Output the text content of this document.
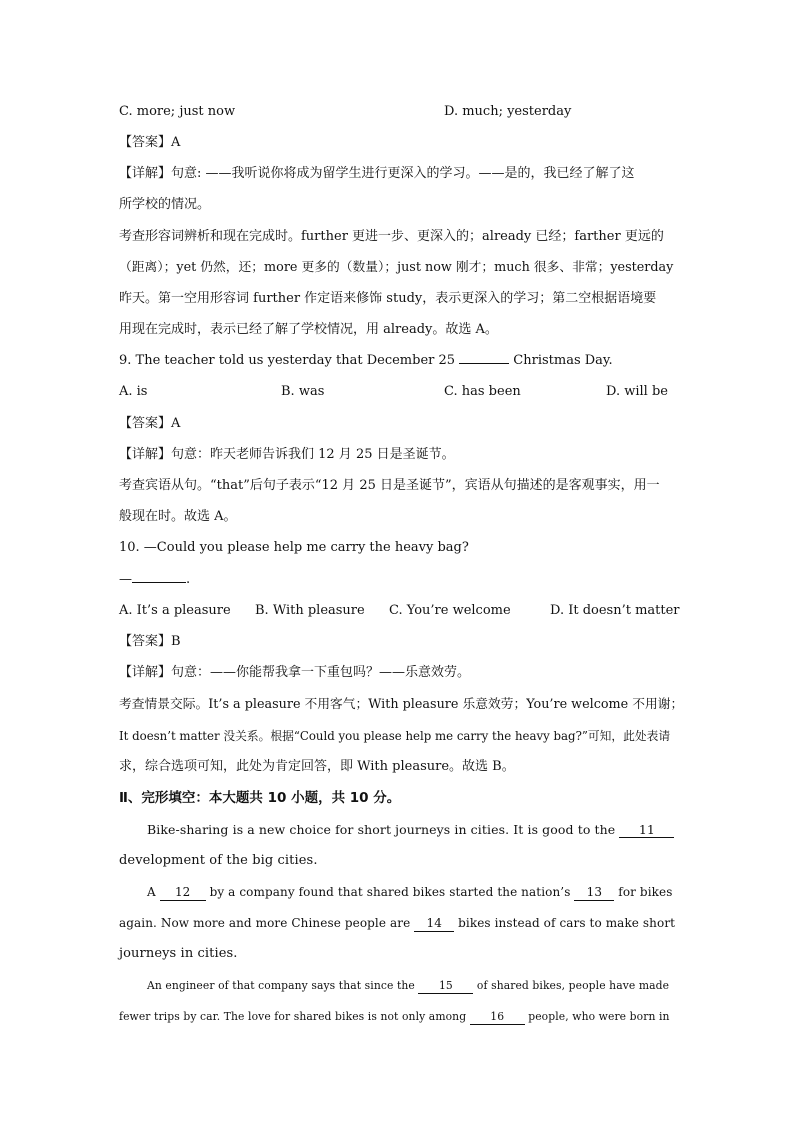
C. more; just now	D. much; yesterday
【答案】A
【详解】句意: ——我听说你将成为留学生进行更深入的学习。——是的，我已经了解了这
所学校的情况。
考查形容词辨析和现在完成时。further 更进一步、更深入的；already 已经；farther 更远的
（距离）；yet 仍然，还；more 更多的（数量）；just now 刚才；much 很多、非常；yesterday
昨天。第一空用形容词 further 作定语来修饰 study，表示更深入的学习；第二空根据语境要
用现在完成时，表示已经了解了学校情况，用 already。故选 A。
9. The teacher told us yesterday that December 25	Christmas Day.
A. is	B. was	C. has been	D. will be
【答案】A
【详解】句意：昨天老师告诉我们 12 月 25 日是圣诞节。
考查宾语从句。“that”后句子表示“12 月 25 日是圣诞节”，宾语从句描述的是客观事实，用一
般现在时。故选 A。
10. —Could you please help me carry the heavy bag?
—	.
A. It’s a pleasure B. With pleasure C. You’re welcome	D. It doesn’t matter
【答案】B
【详解】句意：——你能帮我拿一下重包吗？——乐意效劳。
考查情景交际。It’s a pleasure 不用客气；With pleasure 乐意效劳；You’re welcome 不用谢；
It doesn’t matter 没关系。根据“Could you please help me carry the heavy bag?”可知，此处表请
求，综合选项可知，此处为肯定回答，即 With pleasure。故选 B。
Ⅱ、完形填空：本大题共 10 小题，共 10 分。
Bike-sharing is a new choice for short journeys in cities. It is good to the 11
development of the big cities.
A 12 by a company found that shared bikes started the nation’s 13 for bikes
again. Now more and more Chinese people are 14 bikes instead of cars to make short
journeys in cities.
An engineer of that company says that since the 15 of shared bikes, people have made
fewer trips by car. The love for shared bikes is not only among 16 people, who were born in
